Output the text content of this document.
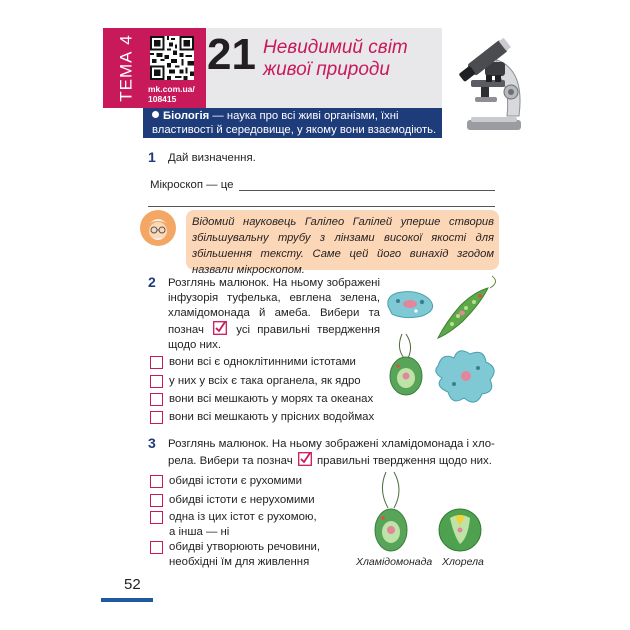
ТЕМА 4 mk.com.ua/
108415
21 Невидимий світ
живої природи
Біологія — наука про всі живі організми, їхні
властивості й середовище, у якому вони взаємодіють.
1 Дай визначення.
Мікроскоп — це
Відомий науковець Галілео Галілей уперше створив збільшувальну трубу з лінзами високої якості для збільшення тексту. Саме цей його винахід згодом назвали мікроскопом.
2 Розглянь малюнок. На ньому зображені інфузорія туфелька, евглена зелена, хламідомонада й амеба. Вибери та познач	усі правильні твердження щодо них.
вони всі є одноклітинними істотами
у них у всіх є така органела, як ядро
вони всі мешкають у морях та океанах
вони всі мешкають у прісних водоймах
3 Розглянь малюнок. На ньому зображені хламідомонада і хло-
рела. Вибери та познач правильні твердження щодо них.
обидві істоти є рухомими
обидві істоти є нерухомими
одна із цих істот є рухомою,
а інша — ні
обидві утворюють речовини,
необхідні їм для живлення	Хламідомонада Хлорела
52
